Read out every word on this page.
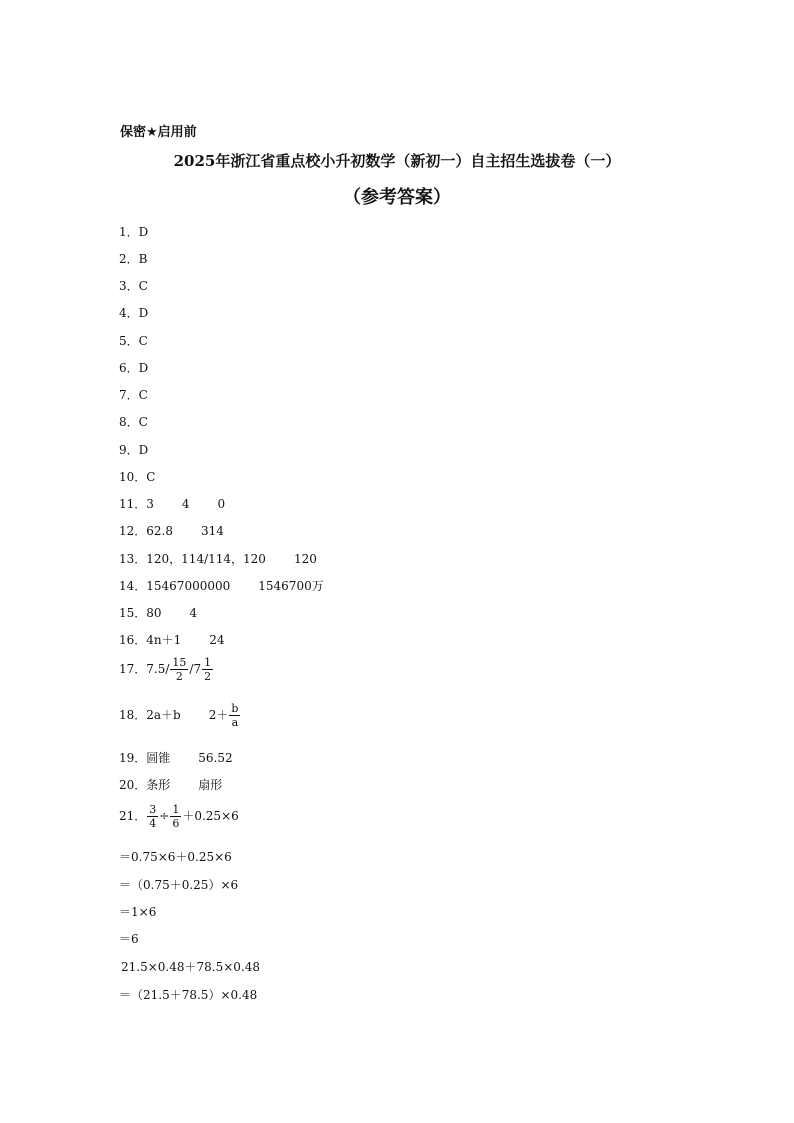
保密★启用前
2025年浙江省重点校小升初数学（新初一）自主招生选拔卷（一）
（参考答案）
1．D
2．B
3．C
4．D
5．C
6．D
7．C
8．C
9．D
10．C
11．3 4 0
12．62.8 314
13．120，114/114，120 120
14．15467000000 1546700万
15．80 4
16．4n＋1 24
17．$7.5/ \frac{15}{2} /7 \frac{1}{2}$
18．2a＋b $2+ \frac{b}{a}$
19．圆锥 56.52
20．条形 扇形
21． $\frac{3}{4} \div \frac{1}{6} +0.25\times 6$
＝0.75×6＋0.25×6
＝（0.75＋0.25）×6
＝1×6
＝6
21.5×0.48＋78.5×0.48
＝（21.5＋78.5）×0.48
